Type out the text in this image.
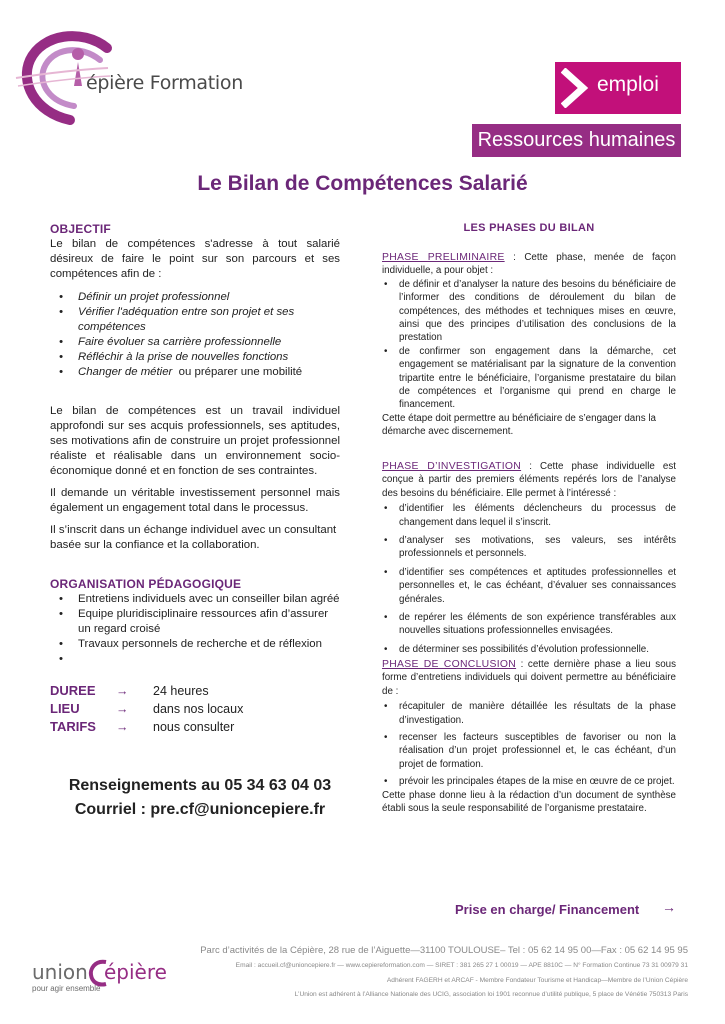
épière Formation	emploi
Ressources humaines
Le Bilan de Compétences Salarié
OBJECTIF
Le bilan de compétences s'adresse à tout salarié désireux de faire le point sur son parcours et ses compétences afin de :
• Définir un projet professionnel
• Vérifier l'adéquation entre son projet et ses compétences
• Faire évoluer sa carrière professionnelle
• Réfléchir à la prise de nouvelles fonctions
• Changer de métier  ou préparer une mobilité
Le bilan de compétences est un travail individuel approfondi sur ses acquis professionnels, ses aptitudes, ses motivations afin de construire un projet professionnel réaliste et réalisable dans un environnement socio-économique donné et en fonction de ses contraintes.
Il demande un véritable investissement personnel mais également un engagement total dans le processus.
Il s’inscrit dans un échange individuel avec un consultant basée sur la confiance et la collaboration.
ORGANISATION PÉDAGOGIQUE
• Entretiens individuels avec un conseiller bilan agréé
• Equipe pluridisciplinaire ressources afin d’assurer un regard croisé
• Travaux personnels de recherche et de réflexion
•
DUREE → 24 heures
LIEU	→ dans nos locaux
TARIFS → nous consulter
Renseignements au 05 34 63 04 03
Courriel : pre.cf@unioncepiere.fr
LES PHASES DU BILAN
PHASE PRELIMINAIRE : Cette phase, menée de façon individuelle, a pour objet :
• de définir et d’analyser la nature des besoins du bénéficiaire de l’informer des conditions de déroulement du bilan de compétences, des méthodes et techniques mises en œuvre, ainsi que des principes d’utilisation des conclusions de la prestation
• de confirmer son engagement dans la démarche, cet engagement se matérialisant par la signature de la convention tripartite entre le bénéficiaire, l’organisme prestataire du bilan de compétences et l’organisme qui prend en charge le financement.
Cette étape doit permettre au bénéficiaire de s’engager dans la démarche avec discernement.
PHASE D’INVESTIGATION : Cette phase individuelle est conçue à partir des premiers éléments repérés lors de l’analyse des besoins du bénéficiaire. Elle permet à l’intéressé :
• d’identifier les éléments déclencheurs du processus de changement dans lequel il s’inscrit.
• d’analyser ses motivations, ses valeurs, ses intérêts professionnels et personnels.
• d’identifier ses compétences et aptitudes professionnelles et personnelles et, le cas échéant, d’évaluer ses connaissances générales.
• de repérer les éléments de son expérience transférables aux nouvelles situations professionnelles envisagées.
• de déterminer ses possibilités d’évolution professionnelle.
PHASE DE CONCLUSION : cette dernière phase a lieu sous forme d’entretiens individuels qui doivent permettre au bénéficiaire de :
• récapituler de manière détaillée les résultats de la phase d’investigation.
• recenser les facteurs susceptibles de favoriser ou non la réalisation d’un projet professionnel et, le cas échéant, d’un projet de formation.
• prévoir les principales étapes de la mise en œuvre de ce projet.
Cette phase donne lieu à la rédaction d’un document de synthèse établi sous la seule responsabilité de l’organisme prestataire.
Prise en charge/ Financement →
union épière
pour agir ensemble
Parc d’activités de la Cépière, 28 rue de l’Aiguette—31100 TOULOUSE– Tel : 05 62 14 95 00—Fax : 05 62 14 95 95
Email : accueil.cf@unioncepiere.fr — www.cepiereformation.com — SIRET : 381 265 27 1 00019 — APE 8810C — N° Formation Continue 73 31 00979 31
Adhérent FAGERH et ARCAF - Membre Fondateur Tourisme et Handicap—Membre de l’Union Cépière
L’Union est adhérent à l’Alliance Nationale des UCIG, association loi 1901 reconnue d’utilité publique, 5 place de Vénétie 750313 Paris
